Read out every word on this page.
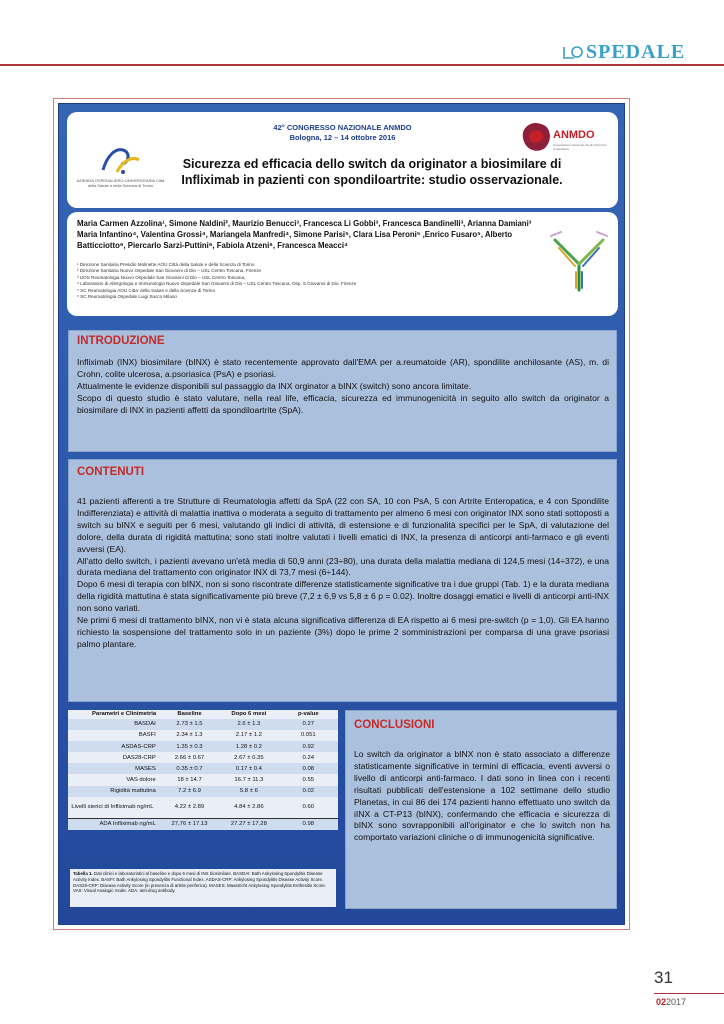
SPEDALE
42° CONGRESSO NAZIONALE ANMDO
Bologna, 12 – 14 ottobre 2016
AZIENDA OSPEDALIERO-UNIVERSITARIA Città della Salute e della Scienza di Torino
ANMDO
Associazione Nazionale Medici Direzioni Ospedaliere
Sicurezza ed efficacia dello switch da originator a biosimilare di Infliximab in pazienti con spondiloartrite: studio osservazionale.
Maria Carmen Azzolina¹, Simone Naldini², Maurizio Benucci³, Francesca Li Gobbi³, Francesca Bandinelli³, Arianna Damiani³ Maria Infantino⁴, Valentina Grossi⁴, Mariangela Manfredi⁴, Simone Parisi⁵, Clara Lisa Peroni⁵ ,Enrico Fusaro⁵, Alberto Batticciotto⁶, Piercarlo Sarzi-Puttini⁶, Fabiola Atzeni⁶, Francesca Meacci⁴
¹ Direzione Sanitaria Presidio Molinette AOU Città della Salute e della Scienza di Torino
² Direzione Sanitaria Nuovo Ospedale San Giovanni di Dio – USL Centro Toscana, Firenze
³ UOS Reumatologia Nuovo Ospedale San Giovanni di Dio – USL Centro Toscana,
⁴ Laboratorio di Allergologia e Immunologia Nuovo Ospedale San Giovanni di Dio – USL Centro Toscana, Osp. S.Giovanni di Dio, Firenze
⁵ SC Reumatologia AOU Citta' della Salute e della Scienza di Torino
⁶ SC Reumatologia Ospedale Luigi Sacco Milano
INTRODUZIONE

Infliximab (INX) biosimilare (bINX) è stato recentemente approvato dall'EMA per a.reumatoide (AR), spondilite anchilosante (AS), m. di Crohn, colite ulcerosa, a.psoriasica (PsA) e psoriasi.

Attualmente le evidenze disponibili sul passaggio da INX orginator a bINX (switch) sono ancora limitate.

Scopo di questo studio è stato valutare, nella real life, efficacia, sicurezza ed immunogenicità in seguito allo switch da originator a biosimilare di INX in pazienti affetti da spondiloartrite (SpA).

CONTENUTI

41 pazienti afferenti a tre Strutture di Reumatologia affetti da SpA (22 con SA, 10 con PsA, 5 con Artrite Enteropatica, e 4 con Spondilite Indifferenziata) e attività di malattia inattiva o moderata a seguito di trattamento per almeno 6 mesi con originator INX sono stati sottoposti a switch su bINX e seguiti per 6 mesi, valutando gli indici di attività, di estensione e di funzionalità specifici per le SpA, di valutazione del dolore, della durata di rigidità mattutina; sono stati inoltre valutati i livelli ematici di INX, la presenza di anticorpi anti-farmaco e gli eventi avversi (EA).

All'atto dello switch, i pazienti avevano un'età media di 50,9 anni (23÷80), una durata della malattia mediana di 124,5 mesi (14÷372), e una durata mediana del trattamento con originator INX di 73,7 mesi (6÷144).

Dopo 6 mesi di terapia con bINX, non si sono riscontrate differenze statisticamente significative tra i due gruppi (Tab. 1) e la durata mediana della rigidità mattutina è stata significativamente più breve (7,2 ± 6,9 vs 5,8 ± 6 p = 0.02). Inoltre dosaggi ematici e livelli di anticorpi anti-INX non sono variati.

Ne primi 6 mesi di trattamento bINX, non vi è stata alcuna significativa differenza di EA rispetto ai 6 mesi pre-switch (p = 1,0). Gli EA hanno richiesto la sospensione del trattamento solo in un paziente (3%) dopo le prime 2 somministrazioni per comparsa di una grave psoriasi palmo plantare.

Parametri e Clinimetria	Baseline	Dopo 6 mesi	p-value
BASDAI	2.73 ± 1.5	2.6 ± 1.3	0.27
BASFI	2.34 ± 1.3	2.17 ± 1.2	0.051
ASDAS-CRP	1.35 ± 0.3	1.28 ± 0.2	0.92
DAS28-CRP	2.66 ± 0.67	2.67 ± 0.35	0.24
MASES	0.35 ± 0.7	0.17 ± 0.4	0.08
VAS dolore	18 ± 14.7	16.7 ± 11.3	0.55
Rigidità mattutina	7.2 ± 6.9	5.8 ± 6	0.02
Livelli sierici di Infliximab ng/mL	4.22 ± 2.89	4.84 ± 2.86	0.60
ADA Infliximab ng/mL	27,76 ± 17.13	27.27 ± 17.28	0.98
Tabella 1. Dati clinici e laboratoristici al baseline e dopo 6 mesi di INX biosimilare. BASDAI: Bath Ankylosing Spondylitis Disease Activity Index. BASFI: Bath Ankylosing Spondylitis Functional Index. ASDAS-CRP: Ankylosing Spondylitis Disease Activity Score. DAS28-CRP: Disease Activity Score (in presenza di artrite periferica). MASES: Maastricht Ankylosing Spondylitis Enthesitis Score. VAS: Visual Analogic Scale. ADA: anti-drug antibody.
CONCLUSIONI
Lo switch da originator a bINX non è stato associato a differenze statisticamente significative in termini di efficacia, eventi avversi o livello di anticorpi anti-farmaco. I dati sono in linea con i recenti risultati pubblicati dell'estensione a 102 settimane dello studio Planetas, in cui 86 dei 174 pazienti hanno effettuato uno switch da iINX a CT-P13 (bINX), confermando che efficacia e sicurezza di bINX sono sovrapponibili all'originator e che lo switch non ha comportato variazioni cliniche o di immunogenicità significative.
31
022017
